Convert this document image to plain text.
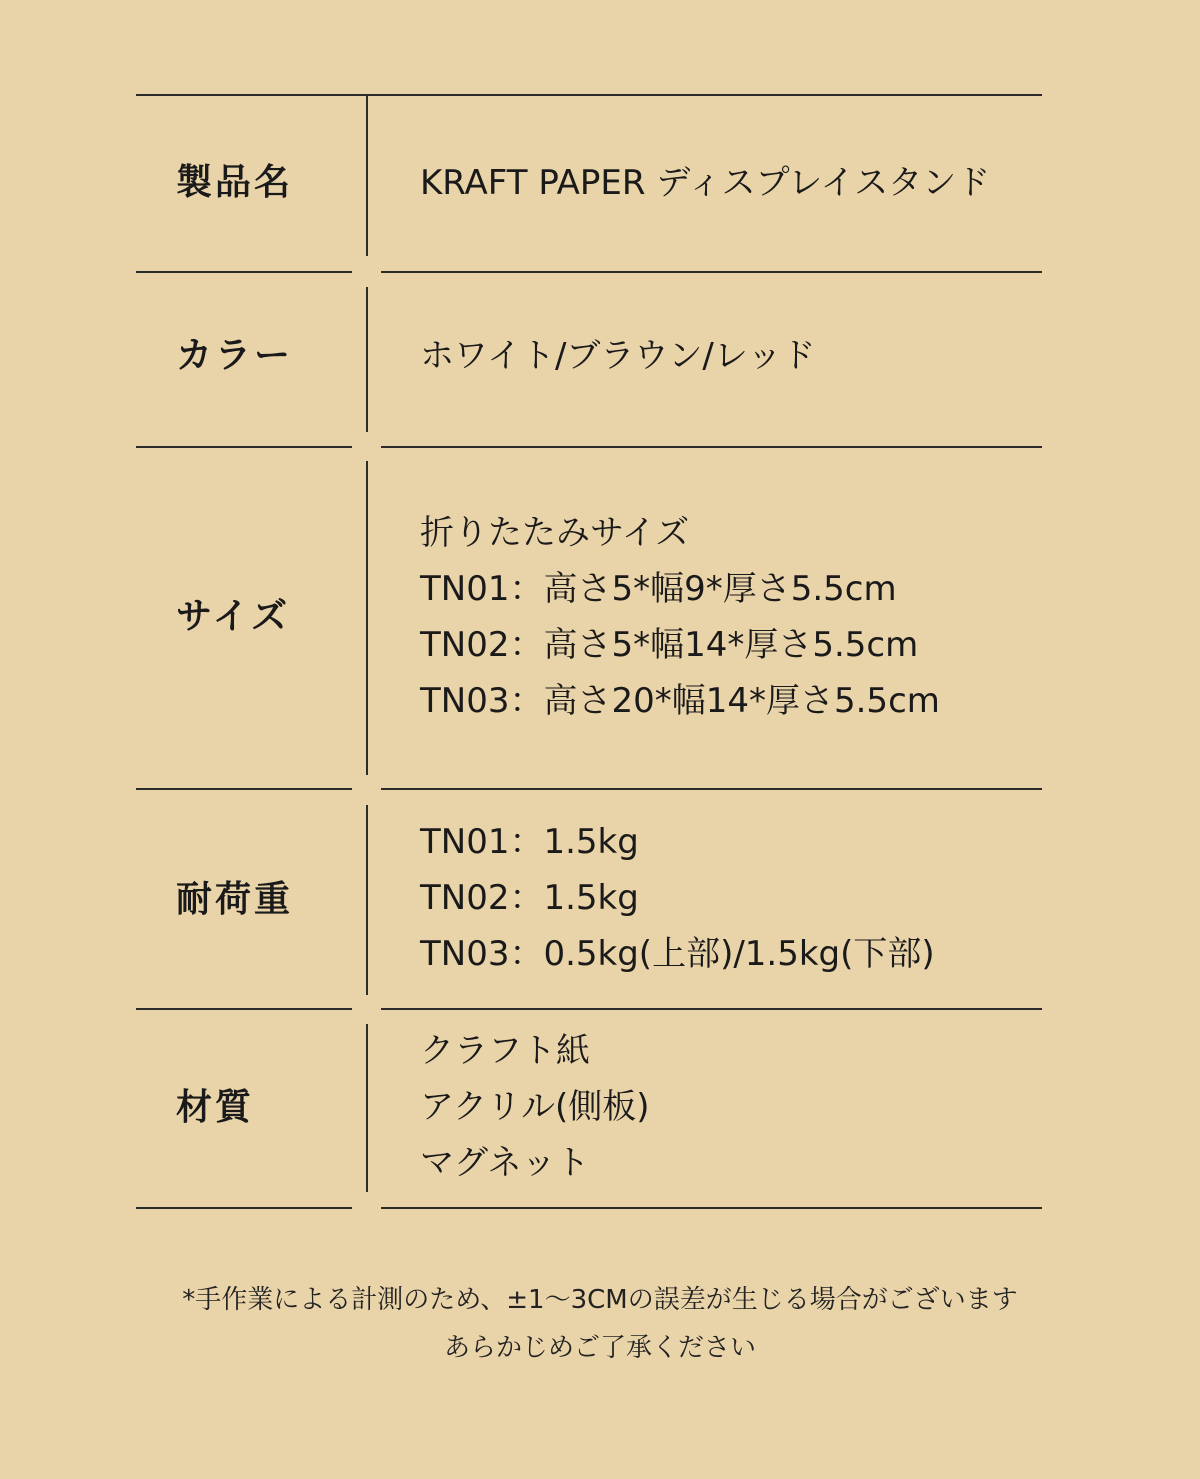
製品名	KRAFT PAPER ディスプレイスタンド
カラー	ホワイト/ブラウン/レッド
サイズ
折りたたみサイズ
TN01：高さ5*幅9*厚さ5.5cm
TN02：高さ5*幅14*厚さ5.5cm
TN03：高さ20*幅14*厚さ5.5cm
耐荷重
TN01：1.5kg
TN02：1.5kg
TN03：0.5kg(上部)/1.5kg(下部)
材質
クラフト紙
アクリル(側板)
マグネット
*手作業による計測のため、±1〜3CMの誤差が生じる場合がございます
あらかじめご了承ください
